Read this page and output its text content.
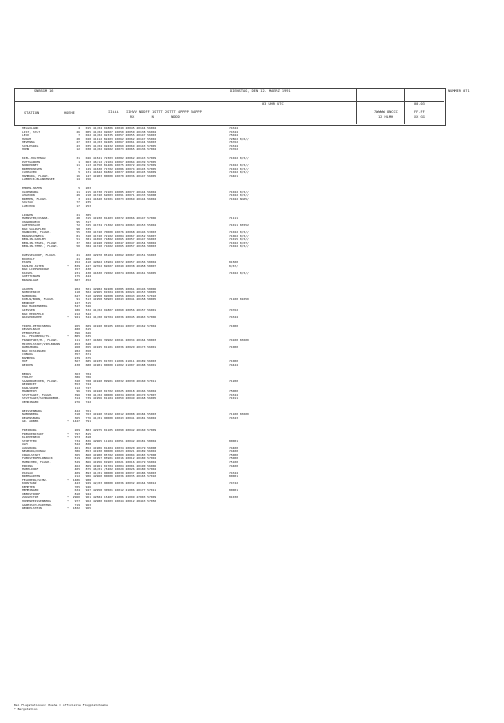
SNBSGM 16	DIENSTAG, DEN 12. MAERZ 1991	NUMMER 071
03 UHR UTC	00-03
STATION	HOEHE	IIiii IIHVV NDDFF 1STTT 2STTT 4PPPP 5APPP
RX        N        NDDD
7WWWW 8NCCC
12 HLMH
FF-FF
XX GG
HELGOLAND	4	015 41/04 91806 10049 20045 40144 56004	74344
LIST, SYLT	26	005 41/02 92607 10050 20050 40138 56004	74344
LECK	7	022 41/02 92335 10057 20055 40147 56003	75044
HUSUM	28	028 41112 82403 10062 20062 40147 55002	72862 8/6//
HEVENNA	27	033 41/03 92405 10067 20061 40144 56003	76762
SCHLESWIG	43	035 41/04 92432 10069 20069 40143 57005	74344
HOHN	12	038 41/02 92602 10073 20065 40136 57004	74762
KIEL-HOLTENAU	31	046 41521 72303 10082 20062 40143 57009	71022 8/5//
PUTTGARDEN	1	063 46/12 /2104 10067 20064 40139 57005
NORDERNEY	11	113 41750 81406 10075 20072 40139 57009	71022 8/5//
BREMERHAVEN	7	129 41630 71702 10086 20074 40145 57005	71022 8/5//
CUXHAVEN	5	131 41642 81802 10077 20069 40145 56009	71022 8/5//
HAMBURG, FLUGH.	16	147 41903 00000 10070 20036 40147 56005	74461
LUEBECK-BLANKENSEE	14	156
EMDEN-HAFEN	5	203
OLDENBURG	11	215 41730 72103 10085 20077 40144 56004	71022 8/5//
AHLHORN	49	218 41740 62003 10091 20071 40133 56008	71022 8/5//
BREMEN, FLUGH.	3	224 41620 61501 10073 20069 40144 56004	71042 8m05/
SOLTAU	77	235
LUECHOW	17	253
LINGEN	21	305
MUENSTER/OSNAB.	48	315 41930 01403 10072 20066 40147 57006	71111
OSNABRUECK	95	317
GUETERSLOH	72	325 41734 71302 10074 20063 40153 55004	71011 83552
BAD SALZUFLEN	98	335
HANNOVER, FLUGH.	55	338 41740 70000 10076 20068 40146 53003	71022 8/5//
BRAUNSCHWEIG	81	348 41740 72102 10084 20067 40152 56007	71062 8/5//
BERLIN-DAHLEM	51	381 41650 71802 10065 20057 40147 56003	71015 8/5//
BERLIN-TEGEL, FLUGH	37	382 41948 72002 10047 20047 40154 58002	71022 8/07/
BERLIN-TEMP., FLUGH.	50	384 41740 71602 10065 20057 40156 58003	71022 8/5//
DUESSELDORF, FLUGH.	41	400 42970 05104 10062 20067 40151 56003
BOCHOLT	21	406
ESSEN	152	410 42662 15904 10072 20057 40156 58004	81500
KAHLER ASTEN	*	839	427 42762 82607 10049 20038 40458 58007	8/67/
BAD LIPPSPRINGE	157	430
KASSEL	231	438 41630 72002 10074 20066 40161 56005	71022 8/5//
GOETTINGEN	175	444
BRAUNLAGE	607	452
AACHEN	202	501 42982 82208 10085 20061 40146 58006
NOERVENICH	118	502 42965 01504 10036 20024 40153 58005
NUERBURG	627	510 42958 02008 10056 20043 40155 57010
KOELN/BONN, FLUGH.	91	513 41958 50903 10043 20041 40158 58005	71100 81050
BENDORF	127	515
BAD MARIENBERG	547	526
GIESSEN	186	532 41/02 91807 10060 20056 40157 56001	74762
BAD HERSFELD	212	542
WASSERKUPPE	*	921	544 41/00 92704 10036 20045 48463 57006	74344
TRIER-PETRISBERG	265	609 41920 00105 10044 20037 40162 57004	71000
DEUSELBACH	480	615
PFERDSFELD	396	626
KL. FELDBERG/TS.	*	805	635
FRANKFURT/M., FLUGH.	111	637 41606 39902 10041 20034 40164 58003	74100 83600
MICHELSTADT/VIELBRUNN	453	648
WUERZBURG	268	655 41925 01101 10036 20029 40173 56001	71000
BAD KISSINGEN	282	658
COBURG	357	671
BAMBERG	239	675
HOF	567	685 41935 01703 11006 21011 40189 56003	71000
WEIDEN	438	688 41901 00000 11002 21007 40188 56001	74444
BERUS	363	704
THOLEY	386	706
SAARBRUECKEN, FLUGH.	320	708 41940 09901 10032 20030 40160 57011	71200
WEINBIET	553	724
KARLSRUHE	112	727
MANNHEIM	96	729 41940 01702 10025 20018 40166 56004	75000
STUTTGART, FLUGH.	396	738 41/02 90000 10034 20030 40170 57007	74344
STUTTGART/SCHNARRENB.	314	739 41956 01104 10059 20049 40168 56005	71011
OEHRINGEN	276	742
WEISSENBURG	422	761
NUERNBERG	318	763 41940 33102 10012 20008 40184 55003	71100 83600
REGENSBURG	365	776 41/01 90000 10043 20041 40181 56002	74343
GR. ARBER	*	1427	791
FREIBURG	269	803 42975 01105 10090 20042 40160 57009
FREUDENSTADT	*	797	815
KLIPPENECK	*	973	818
STOETTEN	734	836 42965 11104 10051 20042 40181 58004	80001
ULM	522	838
AUGSBURG	461	852 41906 01404 10034 20020 40179 56008	74400
NEUBURG/DONAU	386	853 41930 00000 10023 20021 40189 56002	74400
INGOLSTADT	365	860 41900 05702 10009 20004 40183 57008	75000
FUERSTENFELDBRUCK	519	858 41957 05901 10016 20012 40180 57002	75000
MUENCHEN, FLUGH.	529	866 41956 01903 10021 20016 40179 56004	75100
ERDING	462	869 41961 01704 10004 20001 40190 56006	74400
MUEHLDORF	405	875 46/01 /5202 10029 20026 40180 57004
PASSAU	409	893 41/01 90000 10039 20037 40186 56003	74344
BREMGARTEN	212	906 42960 00000 10036 20035 40165 57010	80001
FELDBERG/SCHW.	*	1486	908
KONSTANZ	443	929 42/03 90000 10036 20032 40164 58012	74742
KEMPTEN	705	946
MEMMINGEN	634	947 42958 30501 10012 21006 40177 57011	80001
OBERSTDORF	810	944
ZUGSPITZE	*	2960	961 42584 15407 11086 21099 47003 57009	81030
HOHENPEISSENBERG	*	977	962 42980 01003 10044 20012 48443 57050
GARMISCH-PARTENK.	719	963
WENDELSTEIN	*	1832	965
Bei Flugstationen: Hoehe = offizielle Flugplatzhoehe
* Bergstation
